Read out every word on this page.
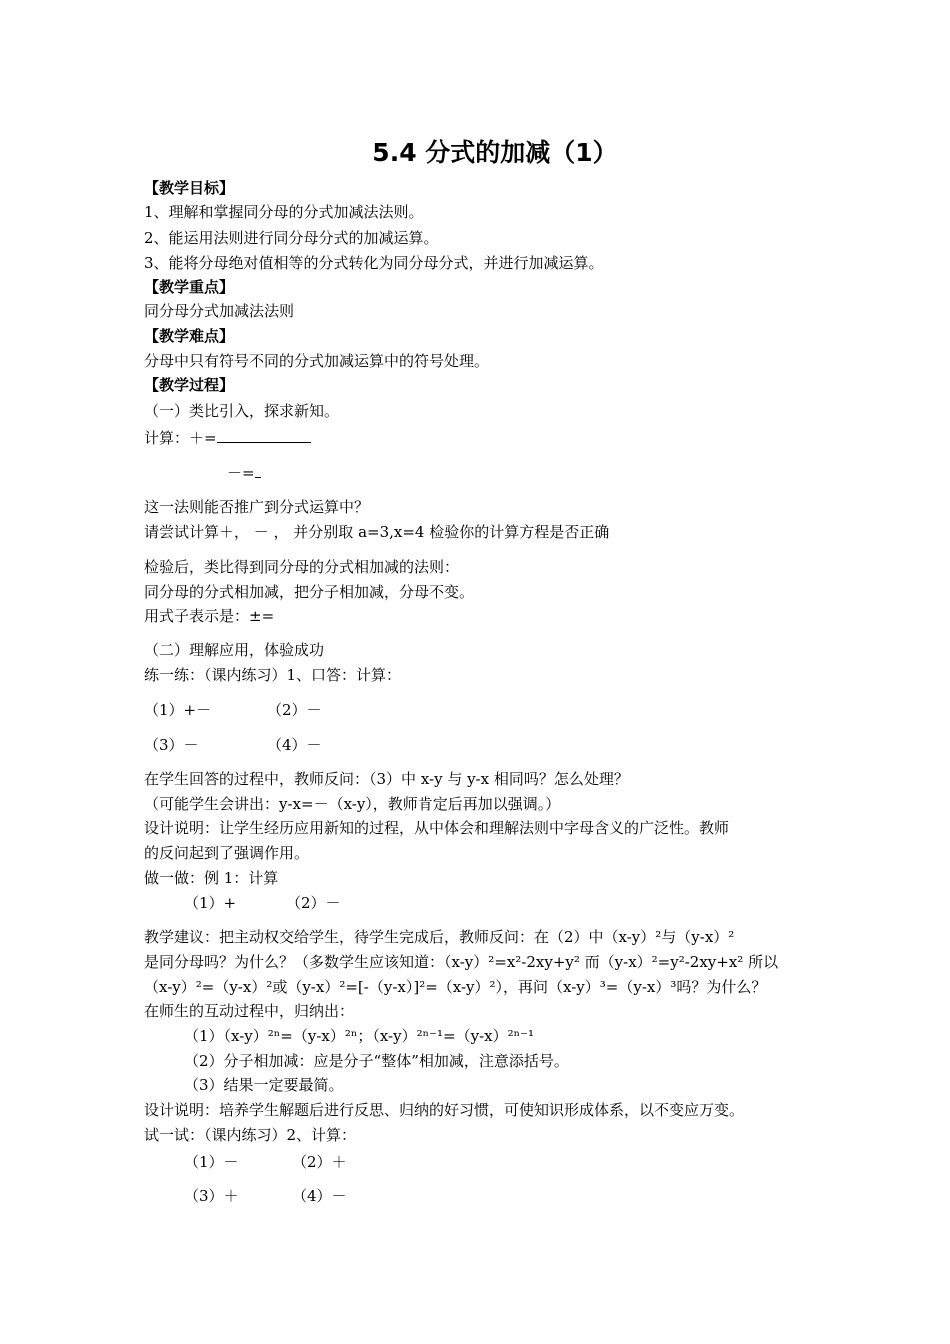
5.4 分式的加减（1）
【教学目标】
1、理解和掌握同分母的分式加减法法则。
2、能运用法则进行同分母分式的加减运算。
3、能将分母绝对值相等的分式转化为同分母分式，并进行加减运算。
【教学重点】
同分母分式加减法法则
【教学难点】
分母中只有符号不同的分式加减运算中的符号处理。
【教学过程】
（一）类比引入，探求新知。
计算：＋=
－=
这一法则能否推广到分式运算中？
请尝试计算＋， － ， 并分别取 a=3,x=4 检验你的计算方程是否正确
检验后，类比得到同分母的分式相加减的法则：
同分母的分式相加减，把分子相加减，分母不变。
用式子表示是：±=
（二）理解应用，体验成功
练一练：（课内练习）1、口答：计算：
（1）+－	（2）－
（3）－	（4）－
在学生回答的过程中，教师反问：（3）中 x-y 与 y-x 相同吗？怎么处理？
（可能学生会讲出：y-x=－（x-y），教师肯定后再加以强调。）
设计说明：让学生经历应用新知的过程，从中体会和理解法则中字母含义的广泛性。教师
的反问起到了强调作用。
做一做：例 1：计算
（1）+	（2）－
教学建议：把主动权交给学生，待学生完成后，教师反问：在（2）中（x-y）²与（y-x）²
是同分母吗？为什么？（多数学生应该知道：（x-y）²=x²-2xy+y² 而（y-x）²=y²-2xy+x² 所以
（x-y）²=（y-x）²或（y-x）²=[-（y-x）]²=（x-y）²），再问（x-y）³=（y-x）³吗？为什么？
在师生的互动过程中，归纳出：
（1）（x-y）²ⁿ=（y-x）²ⁿ；（x-y）²ⁿ⁻¹=（y-x）²ⁿ⁻¹
（2）分子相加减：应是分子“整体”相加减，注意添括号。
（3）结果一定要最简。
设计说明：培养学生解题后进行反思、归纳的好习惯，可使知识形成体系，以不变应万变。
试一试：（课内练习）2、计算：
（1）－	（2）＋
（3）＋	（4）－
